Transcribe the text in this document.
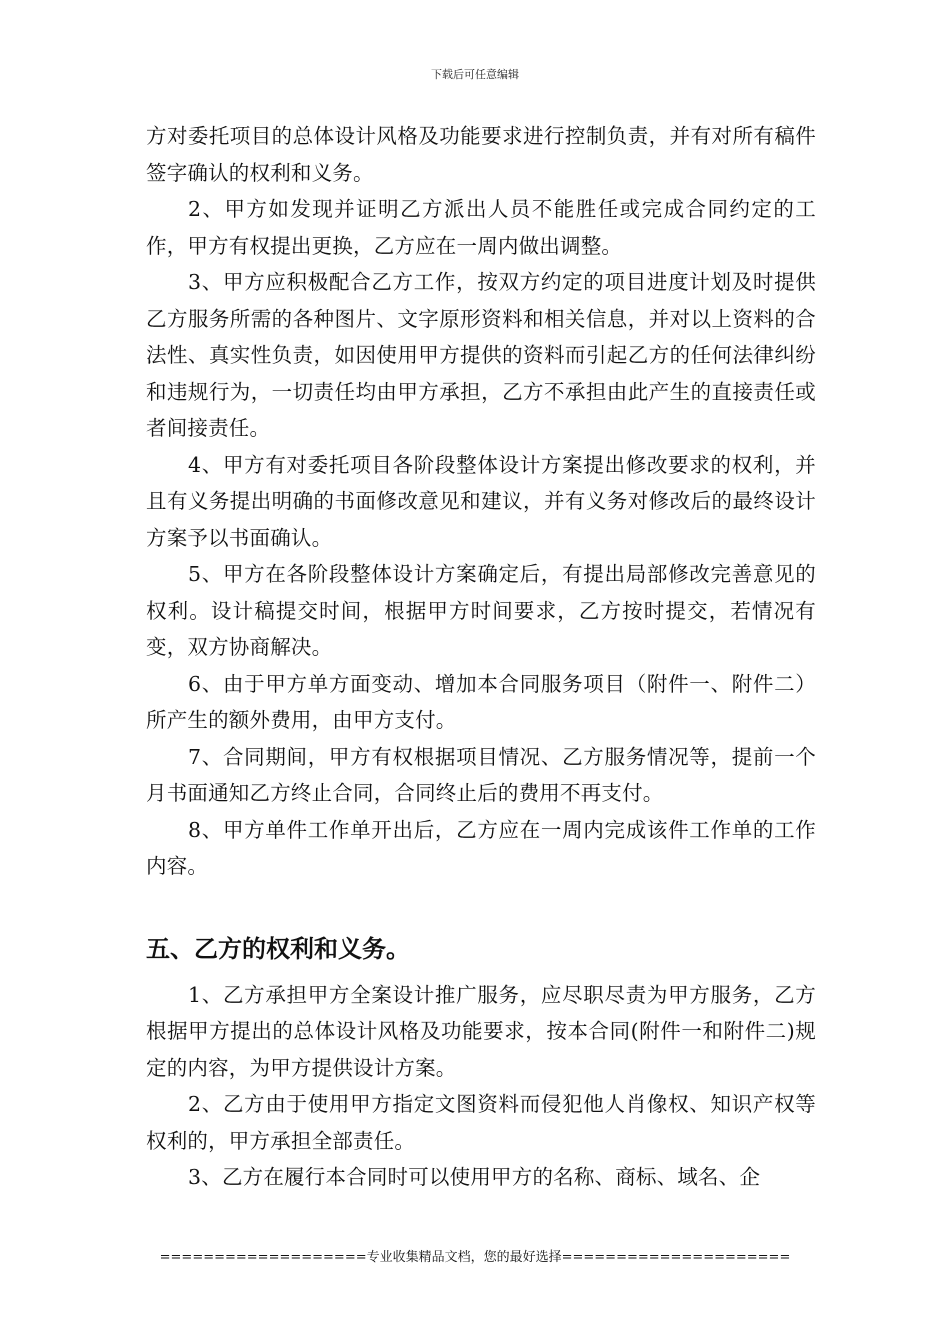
下载后可任意编辑

方对委托项目的总体设计风格及功能要求进行控制负责，并有对所有稿件签字确认的权利和义务。

2、甲方如发现并证明乙方派出人员不能胜任或完成合同约定的工作，甲方有权提出更换，乙方应在一周内做出调整。

3、甲方应积极配合乙方工作，按双方约定的项目进度计划及时提供乙方服务所需的各种图片、文字原形资料和相关信息，并对以上资料的合法性、真实性负责，如因使用甲方提供的资料而引起乙方的任何法律纠纷和违规行为，一切责任均由甲方承担，乙方不承担由此产生的直接责任或者间接责任。

4、甲方有对委托项目各阶段整体设计方案提出修改要求的权利，并且有义务提出明确的书面修改意见和建议，并有义务对修改后的最终设计方案予以书面确认。

5、甲方在各阶段整体设计方案确定后，有提出局部修改完善意见的权利。设计稿提交时间，根据甲方时间要求，乙方按时提交，若情况有变，双方协商解决。

6、由于甲方单方面变动、增加本合同服务项目（附件一、附件二）所产生的额外费用，由甲方支付。

7、合同期间，甲方有权根据项目情况、乙方服务情况等，提前一个月书面通知乙方终止合同，合同终止后的费用不再支付。

8、甲方单件工作单开出后，乙方应在一周内完成该件工作单的工作内容。

五、乙方的权利和义务。

1、乙方承担甲方全案设计推广服务，应尽职尽责为甲方服务，乙方根据甲方提出的总体设计风格及功能要求，按本合同(附件一和附件二)规定的内容，为甲方提供设计方案。

2、乙方由于使用甲方指定文图资料而侵犯他人肖像权、知识产权等权利的，甲方承担全部责任。

3、乙方在履行本合同时可以使用甲方的名称、商标、域名、企

===================专业收集精品文档，您的最好选择=====================
